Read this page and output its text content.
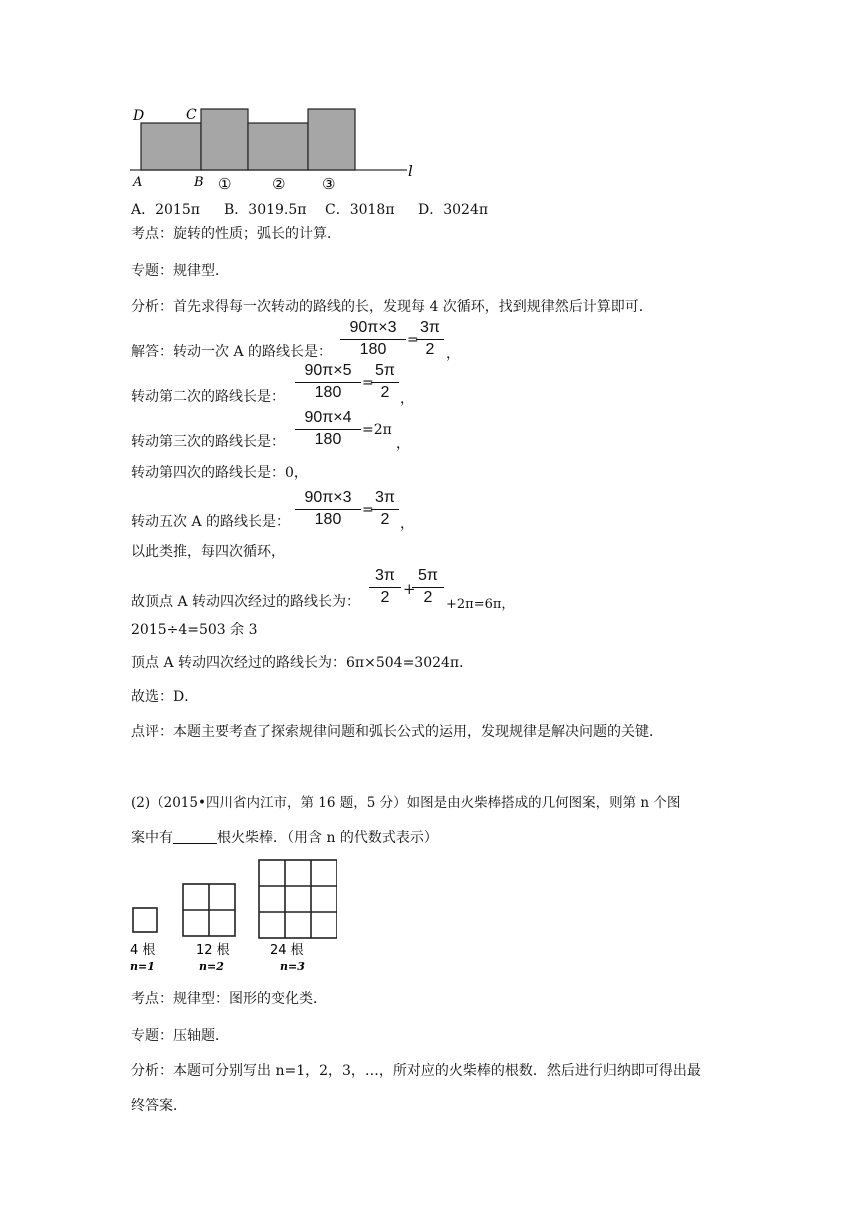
D	C
A	B ①	② ③
l
A．2015π B．3019.5π C．3018π D．3024π
考点：旋转的性质；弧长的计算．
专题：规律型．
分析：首先求得每一次转动的路线的长，发现每 4 次循环，找到规律然后计算即可．
解答：转动一次 A 的路线长是：
90π×3
180
=
3π
2 ，
转动第二次的路线长是：
90π×5
180
=
5π
2 ，
转动第三次的路线长是：
90π×4
180
=2π
，
转动第四次的路线长是：0，
转动五次 A 的路线长是：
90π×3
180
=
3π
2 ，
以此类推，每四次循环，
故顶点 A 转动四次经过的路线长为：
3π
2 +
5π
2	+2π=6π，
2015÷4=503 余 3
顶点 A 转动四次经过的路线长为：6π×504=3024π．
故选：D．
点评：本题主要考查了探索规律问题和弧长公式的运用，发现规律是解决问题的关键．
(2)（2015•四川省内江市，第 16 题，5 分）如图是由火柴棒搭成的几何图案，则第 n 个图
案中有	根火柴棒．（用含 n 的代数式表示）
4 根	12 根	24 根
n=1	n=2	n=3
考点：规律型：图形的变化类．
专题：压轴题．
分析：本题可分别写出 n=1，2，3，…，所对应的火柴棒的根数．然后进行归纳即可得出最
终答案．
